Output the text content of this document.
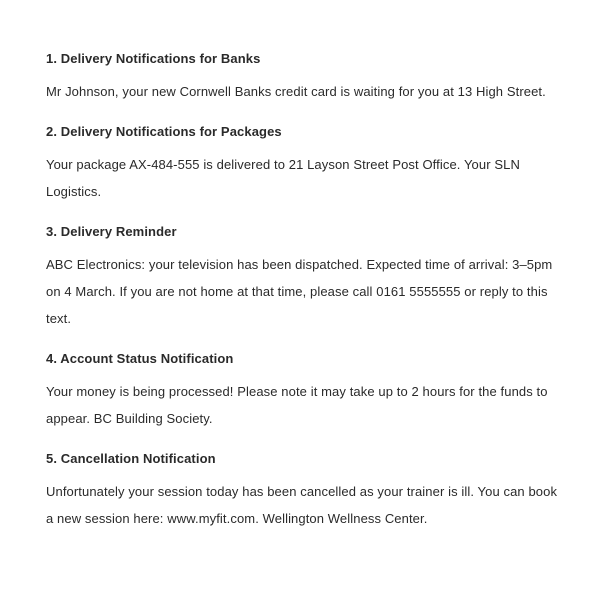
1. Delivery Notifications for Banks

Mr Johnson, your new Cornwell Banks credit card is waiting for you at 13 High Street.

2. Delivery Notifications for Packages

Your package AX-484-555 is delivered to 21 Layson Street Post Office. Your SLN Logistics.

3. Delivery Reminder

ABC Electronics: your television has been dispatched. Expected time of arrival: 3–5pm on 4 March. If you are not home at that time, please call 0161 5555555 or reply to this text.

4. Account Status Notification

Your money is being processed! Please note it may take up to 2 hours for the funds to appear. BC Building Society.

5. Cancellation Notification

Unfortunately your session today has been cancelled as your trainer is ill. You can book a new session here: www.myfit.com. Wellington Wellness Center.
